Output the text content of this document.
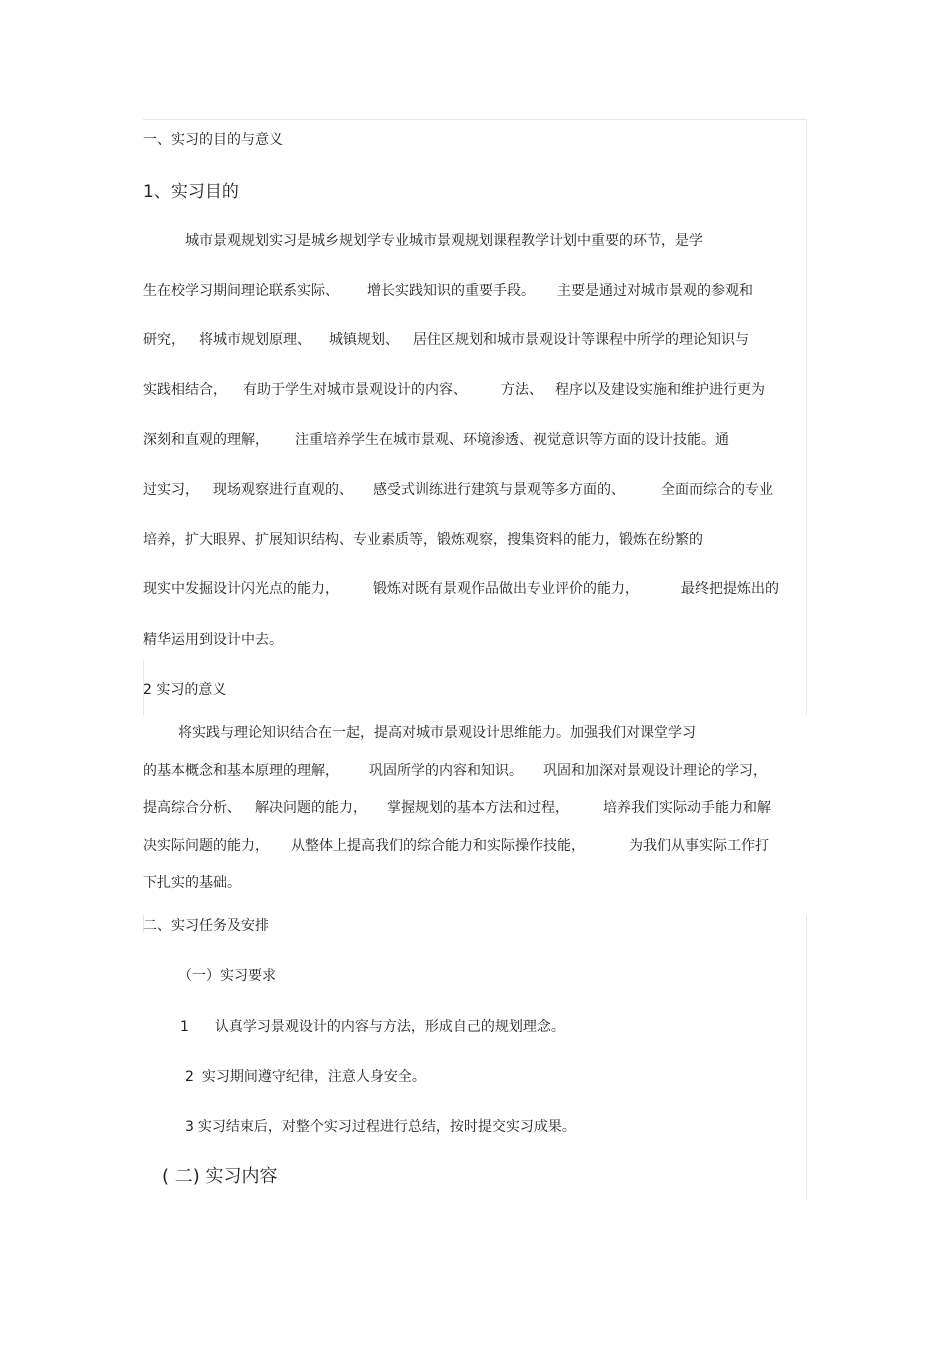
一、实习的目的与意义
1、实习目的
城市景观规划实习是城乡规划学专业城市景观规划课程教学计划中重要的环节，是学
生在校学习期间理论联系实际、 增长实践知识的重要手段。 主要是通过对城市景观的参观和
研究， 将城市规划原理、 城镇规划、 居住区规划和城市景观设计等课程中所学的理论知识与
实践相结合， 有助于学生对城市景观设计的内容、 方法、 程序以及建设实施和维护进行更为
深刻和直观的理解， 注重培养学生在城市景观、环境渗透、视觉意识等方面的设计技能。通
过实习， 现场观察进行直观的、 感受式训练进行建筑与景观等多方面的、	全面而综合的专业
培养，扩大眼界、扩展知识结构、专业素质等，锻炼观察，搜集资料的能力，锻炼在纷繁的
现实中发掘设计闪光点的能力， 锻炼对既有景观作品做出专业评价的能力，	最终把提炼出的
精华运用到设计中去。
2 实习的意义
将实践与理论知识结合在一起，提高对城市景观设计思维能力。加强我们对课堂学习
的基本概念和基本原理的理解， 巩固所学的内容和知识。 巩固和加深对景观设计理论的学习，
提高综合分析、 解决问题的能力， 掌握规划的基本方法和过程， 培养我们实际动手能力和解
决实际问题的能力， 从整体上提高我们的综合能力和实际操作技能，	为我们从事实际工作打
下扎实的基础。
二、实习任务及安排
（一）实习要求
1 认真学习景观设计的内容与方法，形成自己的规划理念。
2 实习期间遵守纪律，注意人身安全。
3 实习结束后，对整个实习过程进行总结，按时提交实习成果。
( 二) 实习内容
